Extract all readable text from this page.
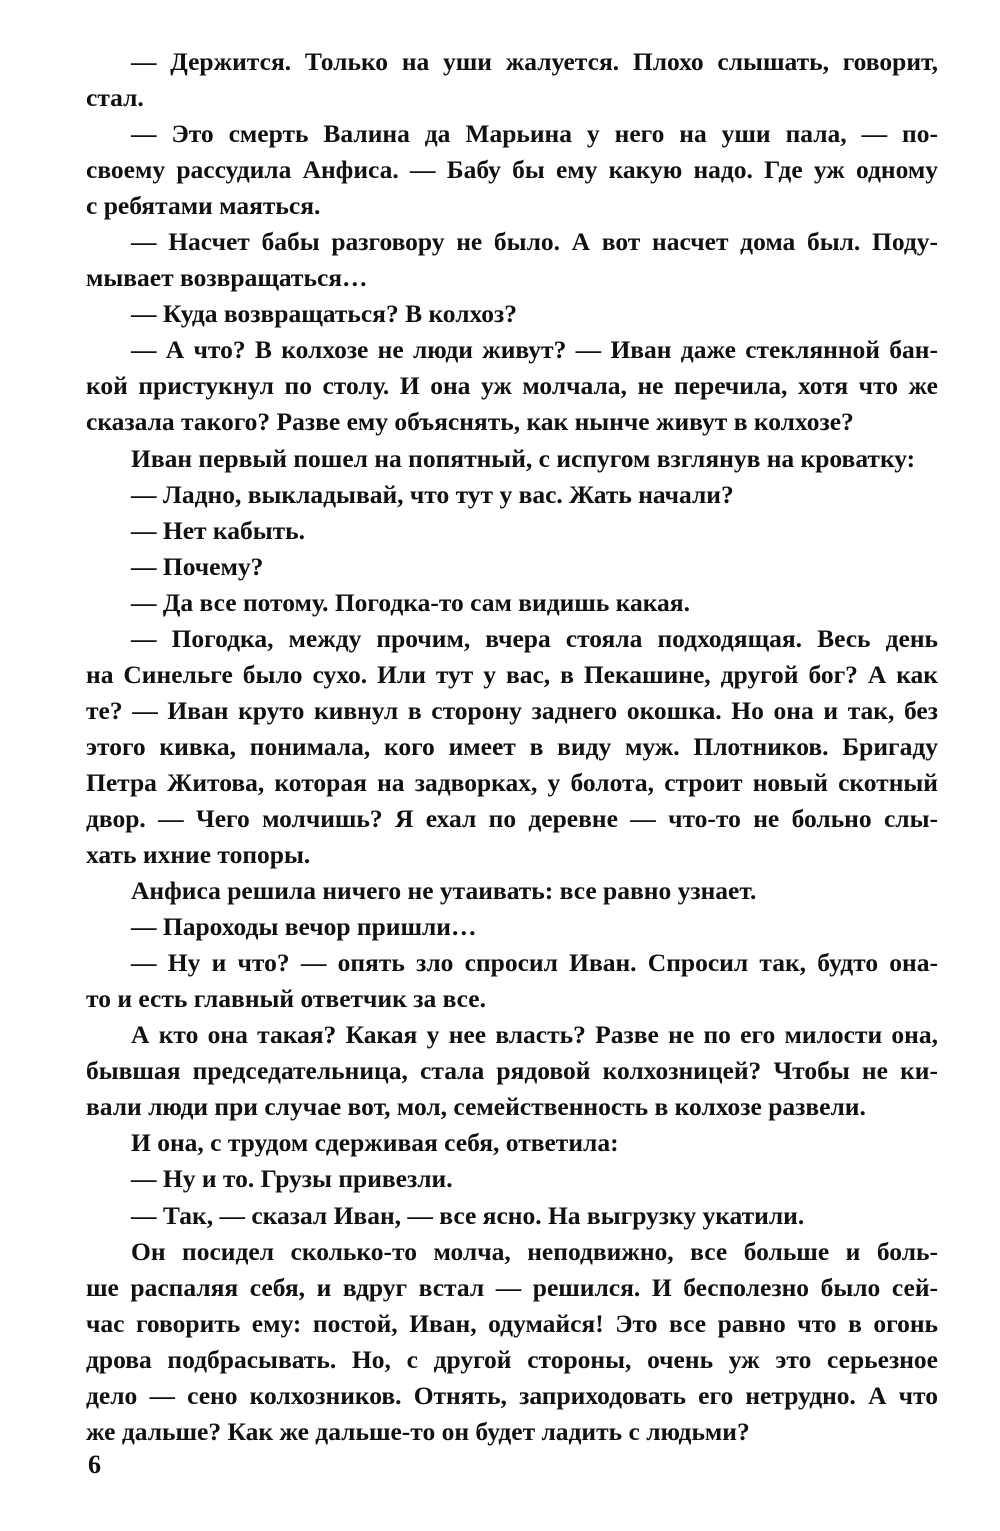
— Держится. Только на уши жалуется. Плохо слышать, говорит,
стал.
— Это смерть Валина да Марьина у него на уши пала, — по-
своему рассудила Анфиса. — Бабу бы ему какую надо. Где уж одному
с ребятами маяться.
— Насчет бабы разговору не было. А вот насчет дома был. Поду-
мывает возвращаться…
— Куда возвращаться? В колхоз?
— А что? В колхозе не люди живут? — Иван даже стеклянной бан-
кой пристукнул по столу. И она уж молчала, не перечила, хотя что же
сказала такого? Разве ему объяснять, как нынче живут в колхозе?
Иван первый пошел на попятный, с испугом взглянув на кроватку:
— Ладно, выкладывай, что тут у вас. Жать начали?
— Нет кабыть.
— Почему?
— Да все потому. Погодка-то сам видишь какая.
— Погодка, между прочим, вчера стояла подходящая. Весь день
на Синельге было сухо. Или тут у вас, в Пекашине, другой бог? А как
те? — Иван круто кивнул в сторону заднего окошка. Но она и так, без
этого кивка, понимала, кого имеет в виду муж. Плотников. Бригаду
Петра Житова, которая на задворках, у болота, строит новый скотный
двор. — Чего молчишь? Я ехал по деревне — что-то не больно слы-
хать ихние топоры.
Анфиса решила ничего не утаивать: все равно узнает.
— Пароходы вечор пришли…
— Ну и что? — опять зло спросил Иван. Спросил так, будто она-
то и есть главный ответчик за все.
А кто она такая? Какая у нее власть? Разве не по его милости она,
бывшая председательница, стала рядовой колхозницей? Чтобы не ки-
вали люди при случае вот, мол, семейственность в колхозе развели.
И она, с трудом сдерживая себя, ответила:
— Ну и то. Грузы привезли.
— Так, — сказал Иван, — все ясно. На выгрузку укатили.
Он посидел сколько-то молча, неподвижно, все больше и боль-
ше распаляя себя, и вдруг встал — решился. И бесполезно было сей-
час говорить ему: постой, Иван, одумайся! Это все равно что в огонь
дрова подбрасывать. Но, с другой стороны, очень уж это серьезное
дело — сено колхозников. Отнять, заприходовать его нетрудно. А что
же дальше? Как же дальше-то он будет ладить с людьми?
6
